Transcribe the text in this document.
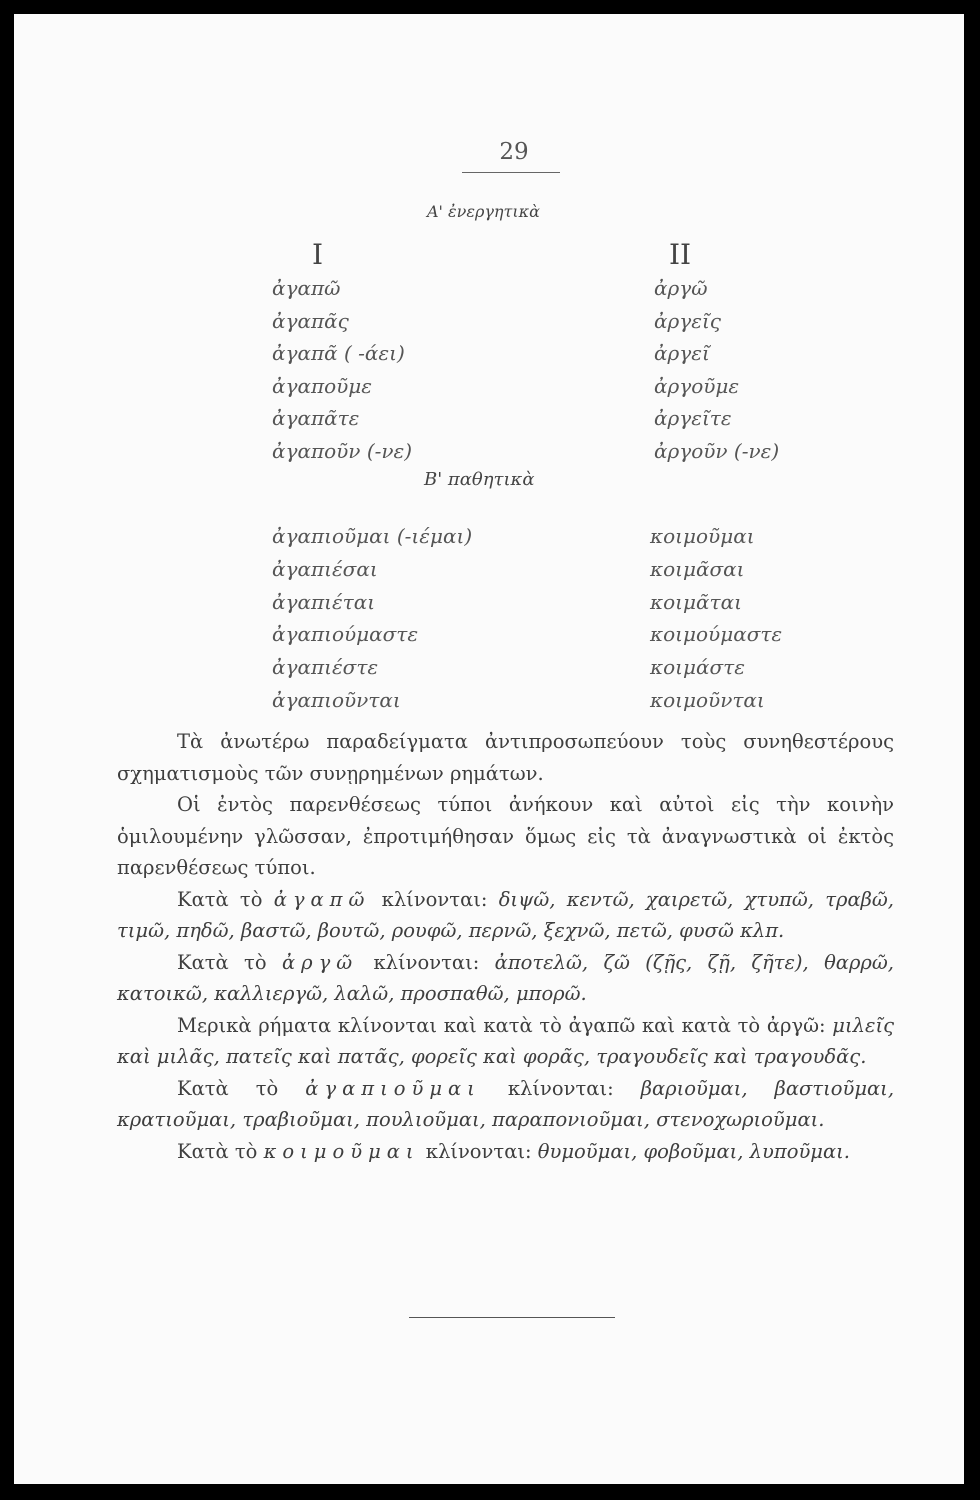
29
Α' ἐνεργητικὰ
I	II
ἀγαπῶ
ἀγαπᾶς
ἀγαπᾶ ( -άει)
ἀγαποῦμε
ἀγαπᾶτε
ἀγαποῦν (-νε)
ἀργῶ
ἀργεῖς
ἀργεῖ
ἀργοῦμε
ἀργεῖτε
ἀργοῦν (-νε)
Β' παθητικὰ
ἀγαπιοῦμαι (-ιέμαι)
ἀγαπιέσαι
ἀγαπιέται
ἀγαπιούμαστε
ἀγαπιέστε
ἀγαπιοῦνται
κοιμοῦμαι
κοιμᾶσαι
κοιμᾶται
κοιμούμαστε
κοιμάστε
κοιμοῦνται

Τὰ ἀνωτέρω παραδείγματα ἀντιπροσωπεύουν τοὺς συνηθεστέρους σχηματισμοὺς τῶν συνῃρημένων ρημάτων.

Οἱ ἐντὸς παρενθέσεως τύποι ἀνήκουν καὶ αὐτοὶ εἰς τὴν κοινὴν ὁμιλουμένην γλῶσσαν, ἐπροτιμήθησαν ὅμως εἰς τὰ ἀναγνωστικὰ οἱ ἐκτὸς παρενθέσεως τύποι.

Κατὰ τὸ ἀγαπῶ κλίνονται: διψῶ, κεντῶ, χαιρετῶ, χτυπῶ, τραβῶ, τιμῶ, πηδῶ, βαστῶ, βουτῶ, ρουφῶ, περνῶ, ξεχνῶ, πετῶ, φυσῶ κλπ.

Κατὰ τὸ ἀργῶ κλίνονται: ἀποτελῶ, ζῶ (ζῇς, ζῇ, ζῆτε), θαρρῶ, κατοικῶ, καλλιεργῶ, λαλῶ, προσπαθῶ, μπορῶ.

Μερικὰ ρήματα κλίνονται καὶ κατὰ τὸ ἀγαπῶ καὶ κατὰ τὸ ἀργῶ: μιλεῖς καὶ μιλᾶς, πατεῖς καὶ πατᾶς, φορεῖς καὶ φορᾶς, τραγουδεῖς καὶ τραγουδᾶς.

Κατὰ τὸ ἀγαπιοῦμαι κλίνονται: βαριοῦμαι, βαστιοῦμαι, κρατιοῦμαι, τραβιοῦμαι, πουλιοῦμαι, παραπονιοῦμαι, στενοχωριοῦμαι.

Κατὰ τὸ κοιμοῦμαι κλίνονται: θυμοῦμαι, φοβοῦμαι, λυποῦμαι.
